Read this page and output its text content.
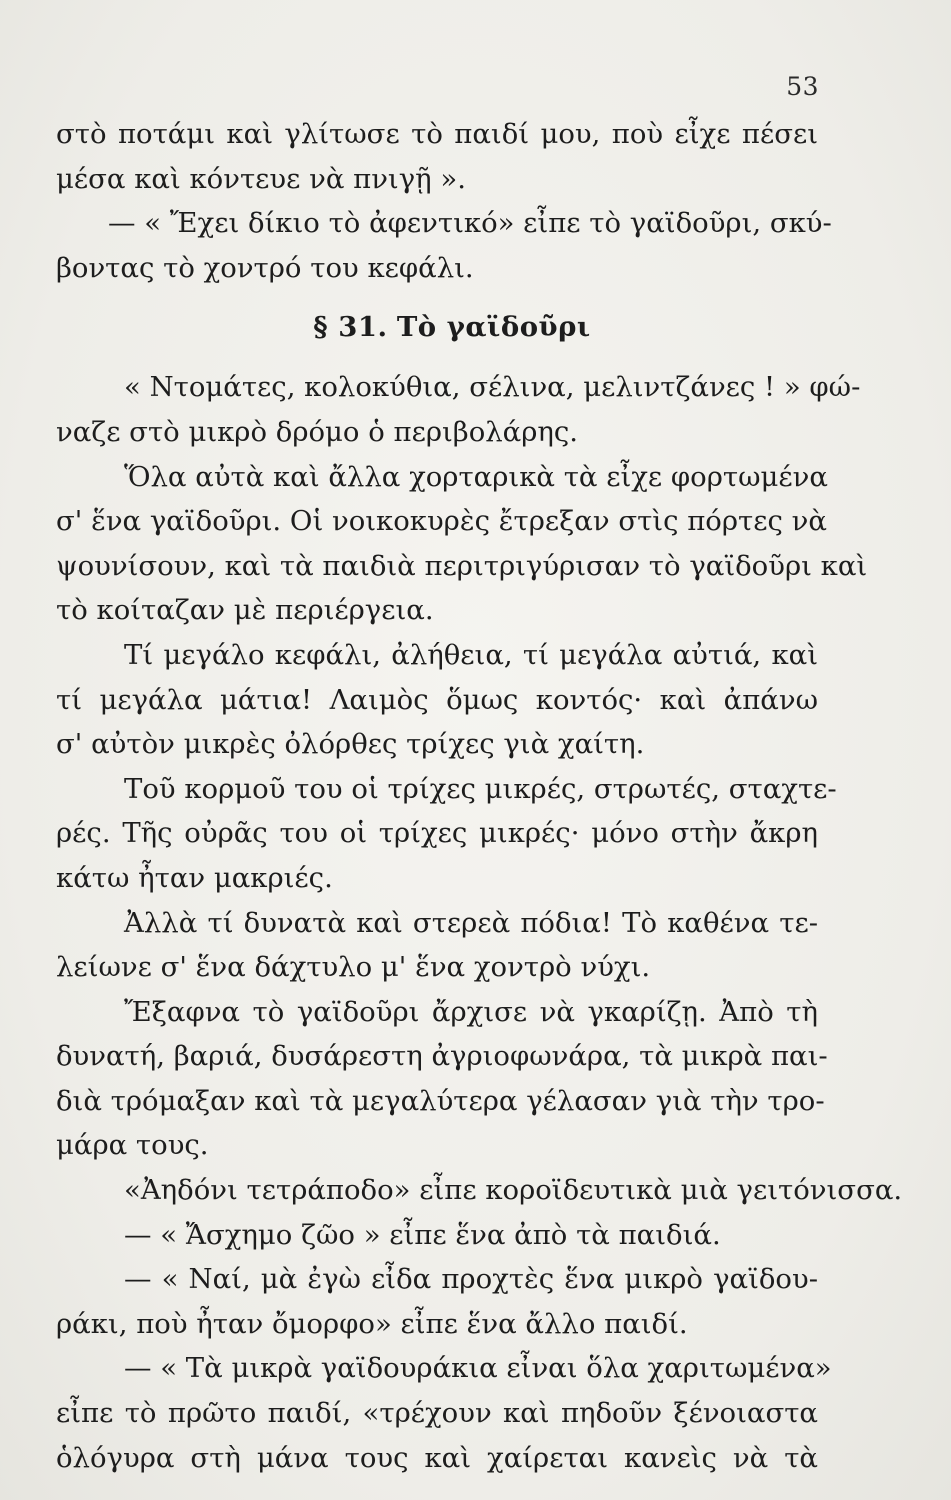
53
στὸ ποτάμι καὶ γλίτωσε τὸ παιδί μου, ποὺ εἶχε πέσει
μέσα καὶ κόντευε νὰ πνιγῇ ».
— « Ἔχει δίκιο τὸ ἀφεντικό» εἶπε τὸ γαϊδοῦρι, σκύ-
βοντας τὸ χοντρό του κεφάλι.
§ 31. Τὸ γαϊδοῦρι
« Ντομάτες, κολοκύθια, σέλινα, μελιντζάνες ! » φώ-
ναζε στὸ μικρὸ δρόμο ὁ περιβολάρης.
Ὅλα αὐτὰ καὶ ἄλλα χορταρικὰ τὰ εἶχε φορτωμένα
σ' ἕνα γαϊδοῦρι. Οἱ νοικοκυρὲς ἔτρεξαν στὶς πόρτες νὰ
ψουνίσουν, καὶ τὰ παιδιὰ περιτριγύρισαν τὸ γαϊδοῦρι καὶ
τὸ κοίταζαν μὲ περιέργεια.
Τί μεγάλο κεφάλι, ἀλήθεια, τί μεγάλα αὐτιά, καὶ
τί μεγάλα μάτια! Λαιμὸς ὅμως κοντός· καὶ ἀπάνω
σ' αὐτὸν μικρὲς ὀλόρθες τρίχες γιὰ χαίτη.
Τοῦ κορμοῦ του οἱ τρίχες μικρές, στρωτές, σταχτε-
ρές. Τῆς οὐρᾶς του οἱ τρίχες μικρές· μόνο στὴν ἄκρη
κάτω ἦταν μακριές.
Ἀλλὰ τί δυνατὰ καὶ στερεὰ πόδια! Τὸ καθένα τε-
λείωνε σ' ἕνα δάχτυλο μ' ἕνα χοντρὸ νύχι.
Ἔξαφνα τὸ γαϊδοῦρι ἄρχισε νὰ γκαρίζῃ. Ἀπὸ τὴ
δυνατή, βαριά, δυσάρεστη ἀγριοφωνάρα, τὰ μικρὰ παι-
διὰ τρόμαξαν καὶ τὰ μεγαλύτερα γέλασαν γιὰ τὴν τρο-
μάρα τους.
«Ἀηδόνι τετράποδο» εἶπε κοροϊδευτικὰ μιὰ γειτόνισσα.
— « Ἄσχημο ζῶο » εἶπε ἕνα ἀπὸ τὰ παιδιά.
— « Ναί, μὰ ἐγὼ εἶδα προχτὲς ἕνα μικρὸ γαϊδου-
ράκι, ποὺ ἦταν ὄμορφο» εἶπε ἕνα ἄλλο παιδί.
— « Τὰ μικρὰ γαϊδουράκια εἶναι ὅλα χαριτωμένα»
εἶπε τὸ πρῶτο παιδί, «τρέχουν καὶ πηδοῦν ξένοιαστα
ὁλόγυρα στὴ μάνα τους καὶ χαίρεται κανεὶς νὰ τὰ
